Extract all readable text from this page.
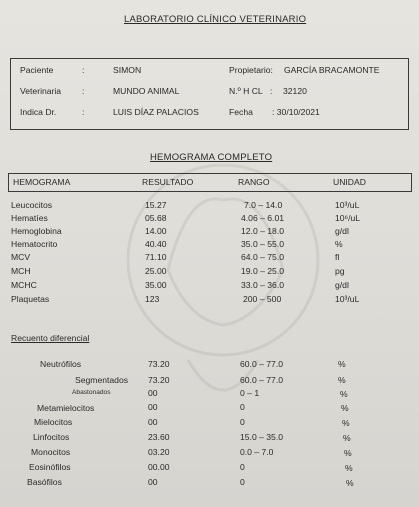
LABORATORIO CLÍNICO VETERINARIO
Paciente	:	SIMON
Veterinaria :	MUNDO ANIMAL
Indica Dr.	:	LUIS DÍAZ PALACIOS
Propietario: GARCÍA BRACAMONTE
N.º H CL : 32120
Fecha : 30/10/2021
HEMOGRAMA COMPLETO
HEMOGRAMA	RESULTADO	RANGO	UNIDAD
Leucocitos	15.27	7.0 – 14.0	10³/uL
Hematíes	05.68	4.06 – 6.01	10⁶/uL
Hemoglobina	14.00	12.0 – 18.0	g/dl
Hematocrito	40.40	35.0 – 55.0	%
MCV	71.10	64.0 – 75.0	fl
MCH	25.00	19.0 – 25.0	pg
MCHC	35.00	33.0 – 36.0	g/dl
Plaquetas	123	200 – 500	10³/uL
Recuento diferencial
Neutrófilos	73.20	60.0 – 77.0	%
Segmentados 73.20	60.0 – 77.0	%
Abastonados	00	0 – 1	%
Metamielocitos	00	0	%
Mielocitos	00	0	%
Linfocitos	23.60	15.0 – 35.0	%
Monocitos	03.20	0.0 – 7.0	%
Eosinófilos	00.00	0	%
Basófilos	00	0	%
